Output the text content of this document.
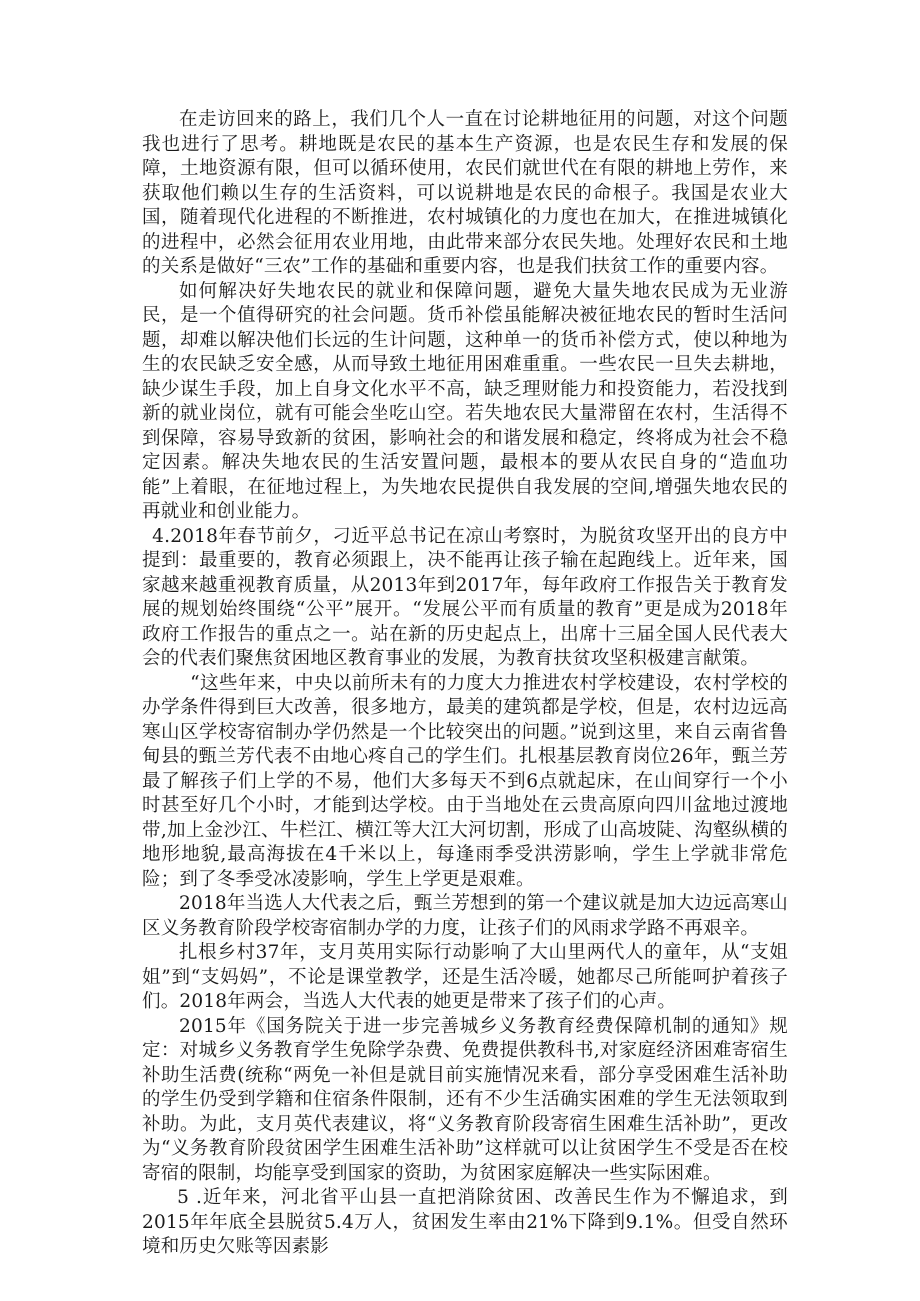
在走访回来的路上，我们几个人一直在讨论耕地征用的问题，对这个问题我也进行了思考。耕地既是农民的基本生产资源，也是农民生存和发展的保障，土地资源有限，但可以循环使用，农民们就世代在有限的耕地上劳作，来获取他们赖以生存的生活资料，可以说耕地是农民的命根子。我国是农业大国，随着现代化进程的不断推进，农村城镇化的力度也在加大，在推进城镇化的进程中，必然会征用农业用地，由此带来部分农民失地。处理好农民和土地的关系是做好“三农”工作的基础和重要内容，也是我们扶贫工作的重要内容。

如何解决好失地农民的就业和保障问题，避免大量失地农民成为无业游民，是一个值得研究的社会问题。货币补偿虽能解决被征地农民的暂时生活问题，却难以解决他们长远的生计问题，这种单一的货币补偿方式，使以种地为生的农民缺乏安全感，从而导致土地征用困难重重。一些农民一旦失去耕地，缺少谋生手段，加上自身文化水平不高，缺乏理财能力和投资能力，若没找到新的就业岗位，就有可能会坐吃山空。若失地农民大量滞留在农村，生活得不到保障，容易导致新的贫困，影响社会的和谐发展和稳定，终将成为社会不稳定因素。解决失地农民的生活安置问题，最根本的要从农民自身的“造血功能”上着眼，在征地过程上，为失地农民提供自我发展的空间,增强失地农民的再就业和创业能力。

4.2018年春节前夕，刁近平总书记在凉山考察时，为脱贫攻坚开出的良方中提到：最重要的，教育必须跟上，决不能再让孩子输在起跑线上。近年来，国家越来越重视教育质量，从2013年到2017年，每年政府工作报告关于教育发展的规划始终围绕“公平”展开。“发展公平而有质量的教育”更是成为2018年政府工作报告的重点之一。站在新的历史起点上，出席十三届全国人民代表大会的代表们聚焦贫困地区教育事业的发展，为教育扶贫攻坚积极建言献策。

“这些年来，中央以前所未有的力度大力推进农村学校建设，农村学校的办学条件得到巨大改善，很多地方，最美的建筑都是学校，但是，农村边远高寒山区学校寄宿制办学仍然是一个比较突出的问题。”说到这里，来自云南省鲁甸县的甄兰芳代表不由地心疼自己的学生们。扎根基层教育岗位26年，甄兰芳最了解孩子们上学的不易，他们大多每天不到6点就起床，在山间穿行一个小时甚至好几个小时，才能到达学校。由于当地处在云贵高原向四川盆地过渡地带,加上金沙江、牛栏江、横江等大江大河切割，形成了山高坡陡、沟壑纵横的地形地貌,最高海拔在4千米以上，每逢雨季受洪涝影响，学生上学就非常危险；到了冬季受冰凌影响，学生上学更是艰难。

2018年当选人大代表之后，甄兰芳想到的第一个建议就是加大边远高寒山区义务教育阶段学校寄宿制办学的力度，让孩子们的风雨求学路不再艰辛。

扎根乡村37年，支月英用实际行动影响了大山里两代人的童年，从“支姐姐”到“支妈妈”，不论是课堂教学，还是生活冷暖，她都尽己所能呵护着孩子们。2018年两会，当选人大代表的她更是带来了孩子们的心声。

2015年《国务院关于进一步完善城乡义务教育经费保障机制的通知》规定：对城乡义务教育学生免除学杂费、免费提供教科书,对家庭经济困难寄宿生补助生活费(统称“两免一补但是就目前实施情况来看，部分享受困难生活补助的学生仍受到学籍和住宿条件限制，还有不少生活确实困难的学生无法领取到补助。为此，支月英代表建议，将“义务教育阶段寄宿生困难生活补助”，更改为“义务教育阶段贫困学生困难生活补助”这样就可以让贫困学生不受是否在校寄宿的限制，均能享受到国家的资助，为贫困家庭解决一些实际困难。

5 .近年来，河北省平山县一直把消除贫困、改善民生作为不懈追求，到2015年年底全县脱贫5.4万人，贫困发生率由21%下降到9.1%。但受自然环境和历史欠账等因素影
